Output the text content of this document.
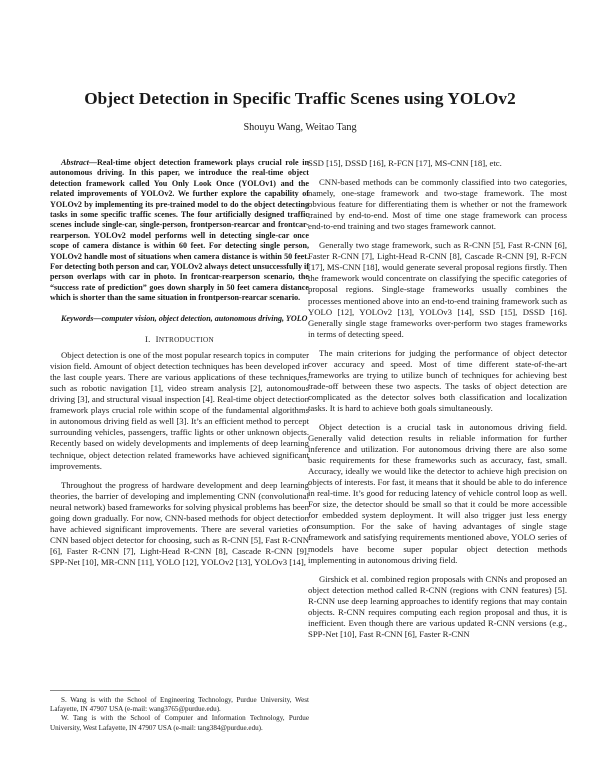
Object Detection in Specific Traffic Scenes using YOLOv2
Shouyu Wang, Weitao Tang

Abstract—Real-time object detection framework plays crucial role in autonomous driving. In this paper, we introduce the real-time object detection framework called You Only Look Once (YOLOv1) and the related improvements of YOLOv2. We further explore the capability of YOLOv2 by implementing its pre-trained model to do the object detecting tasks in some specific traffic scenes. The four artificially designed traffic scenes include single-car, single-person, frontperson-rearcar and frontcar-rearperson. YOLOv2 model performs well in detecting single-car once scope of camera distance is within 60 feet. For detecting single person, YOLOv2 handle most of situations when camera distance is within 50 feet. For detecting both person and car, YOLOv2 always detect unsuccessfully if person overlaps with car in photo. In frontcar-rearperson scenario, the “success rate of prediction” goes down sharply in 50 feet camera distance which is shorter than the same situation in frontperson-rearcar scenario.

Keywords—computer vision, object detection, autonomous driving, YOLO

I. INTRODUCTION

Object detection is one of the most popular research topics in computer vision field. Amount of object detection techniques has been developed in the last couple years. There are various applications of these techniques, such as robotic navigation [1], video stream analysis [2], autonomous driving [3], and structural visual inspection [4]. Real-time object detection framework plays crucial role within scope of the fundamental algorithms in autonomous driving field as well [3]. It’s an efficient method to percept surrounding vehicles, passengers, traffic lights or other unknown objects. Recently based on widely developments and implements of deep learning technique, object detection related frameworks have achieved significant improvements.

Throughout the progress of hardware development and deep learning theories, the barrier of developing and implementing CNN (convolutional neural network) based frameworks for solving physical problems has been going down gradually. For now, CNN-based methods for object detection have achieved significant improvements. There are several varieties of CNN based object detector for choosing, such as R-CNN [5], Fast R-CNN [6], Faster R-CNN [7], Light-Head R-CNN [8], Cascade R-CNN [9], SPP-Net [10], MR-CNN [11], YOLO [12], YOLOv2 [13], YOLOv3 [14],

S. Wang is with the School of Engineering Technology, Purdue University, West Lafayette, IN 47907 USA (e-mail: wang3765@purdue.edu).

W. Tang is with the School of Computer and Information Technology, Purdue University, West Lafayette, IN 47907 USA (e-mail: tang384@purdue.edu).

SSD [15], DSSD [16], R-FCN [17], MS-CNN [18], etc.

CNN-based methods can be commonly classified into two categories, namely, one-stage framework and two-stage framework. The most obvious feature for differentiating them is whether or not the framework trained by end-to-end. Most of time one stage framework can process end-to-end training and two stages framework cannot.

Generally two stage framework, such as R-CNN [5], Fast R-CNN [6], Faster R-CNN [7], Light-Head R-CNN [8], Cascade R-CNN [9], R-FCN [17], MS-CNN [18], would generate several proposal regions firstly. Then the framework would concentrate on classifying the specific categories of proposal regions. Single-stage frameworks usually combines the processes mentioned above into an end-to-end training framework such as YOLO [12], YOLOv2 [13], YOLOv3 [14], SSD [15], DSSD [16]. Generally single stage frameworks over-perform two stages frameworks in terms of detecting speed.

The main criterions for judging the performance of object detector cover accuracy and speed. Most of time different state-of-the-art frameworks are trying to utilize bunch of techniques for achieving best trade-off between these two aspects. The tasks of object detection are complicated as the detector solves both classification and localization tasks. It is hard to achieve both goals simultaneously.

Object detection is a crucial task in autonomous driving field. Generally valid detection results in reliable information for further inference and utilization. For autonomous driving there are also some basic requirements for these frameworks such as accuracy, fast, small. Accuracy, ideally we would like the detector to achieve high precision on objects of interests. For fast, it means that it should be able to do inference in real-time. It’s good for reducing latency of vehicle control loop as well. For size, the detector should be small so that it could be more accessible for embedded system deployment. It will also trigger just less energy consumption. For the sake of having advantages of single stage framework and satisfying requirements mentioned above, YOLO series of models have become super popular object detection methods implementing in autonomous driving field.

Girshick et al. combined region proposals with CNNs and proposed an object detection method called R-CNN (regions with CNN features) [5]. R-CNN use deep learning approaches to identify regions that may contain objects. R-CNN requires computing each region proposal and thus, it is inefficient. Even though there are various updated R-CNN versions (e.g., SPP-Net [10], Fast R-CNN [6], Faster R-CNN
